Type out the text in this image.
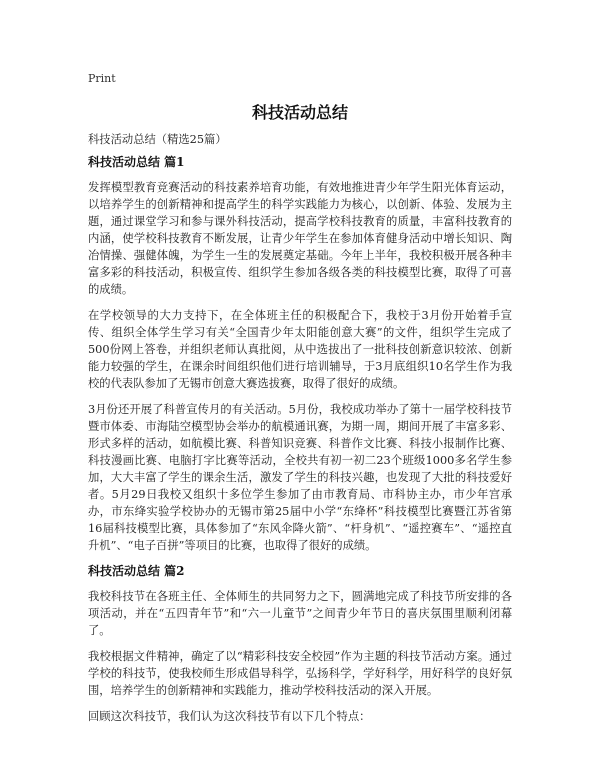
Print
科技活动总结

科技活动总结（精选25篇）

科技活动总结 篇1

发挥模型教育竞赛活动的科技素养培育功能，有效地推进青少年学生阳光体育运动，以培养学生的创新精神和提高学生的科学实践能力为核心，以创新、体验、发展为主题，通过课堂学习和参与课外科技活动，提高学校科技教育的质量，丰富科技教育的内涵，使学校科技教育不断发展，让青少年学生在参加体育健身活动中增长知识、陶冶情操、强健体魄，为学生一生的发展奠定基础。今年上半年，我校积极开展各种丰富多彩的科技活动，积极宣传、组织学生参加各级各类的科技模型比赛，取得了可喜的成绩。

在学校领导的大力支持下，在全体班主任的积极配合下，我校于3月份开始着手宣传、组织全体学生学习有关“全国青少年太阳能创意大赛”的文件，组织学生完成了500份网上答卷，并组织老师认真批阅，从中选拔出了一批科技创新意识较浓、创新能力较强的学生，在课余时间组织他们进行培训辅导，于3月底组织10名学生作为我校的代表队参加了无锡市创意大赛选拔赛，取得了很好的成绩。

3月份还开展了科普宣传月的有关活动。5月份，我校成功举办了第十一届学校科技节暨市体委、市海陆空模型协会举办的航模通讯赛，为期一周，期间开展了丰富多彩、形式多样的活动，如航模比赛、科普知识竞赛、科普作文比赛、科技小报制作比赛、科技漫画比赛、电脑打字比赛等活动，全校共有初一初二23个班级1000多名学生参加，大大丰富了学生的课余生活，激发了学生的科技兴趣，也发现了大批的科技爱好者。5月29日我校又组织十多位学生参加了由市教育局、市科协主办，市少年宫承办，市东绛实验学校协办的无锡市第25届中小学“东绛杯”科技模型比赛暨江苏省第16届科技模型比赛，具体参加了“东风伞降火箭”、“杆身机”、“遥控赛车”、“遥控直升机”、“电子百拼”等项目的比赛，也取得了很好的成绩。

科技活动总结 篇2

我校科技节在各班主任、全体师生的共同努力之下，圆满地完成了科技节所安排的各项活动，并在“五四青年节”和“六一儿童节”之间青少年节日的喜庆氛围里顺利闭幕了。

我校根据文件精神，确定了以“精彩科技安全校园”作为主题的科技节活动方案。通过学校的科技节，使我校师生形成倡导科学，弘扬科学，学好科学，用好科学的良好氛围，培养学生的创新精神和实践能力，推动学校科技活动的深入开展。

回顾这次科技节，我们认为这次科技节有以下几个特点：
